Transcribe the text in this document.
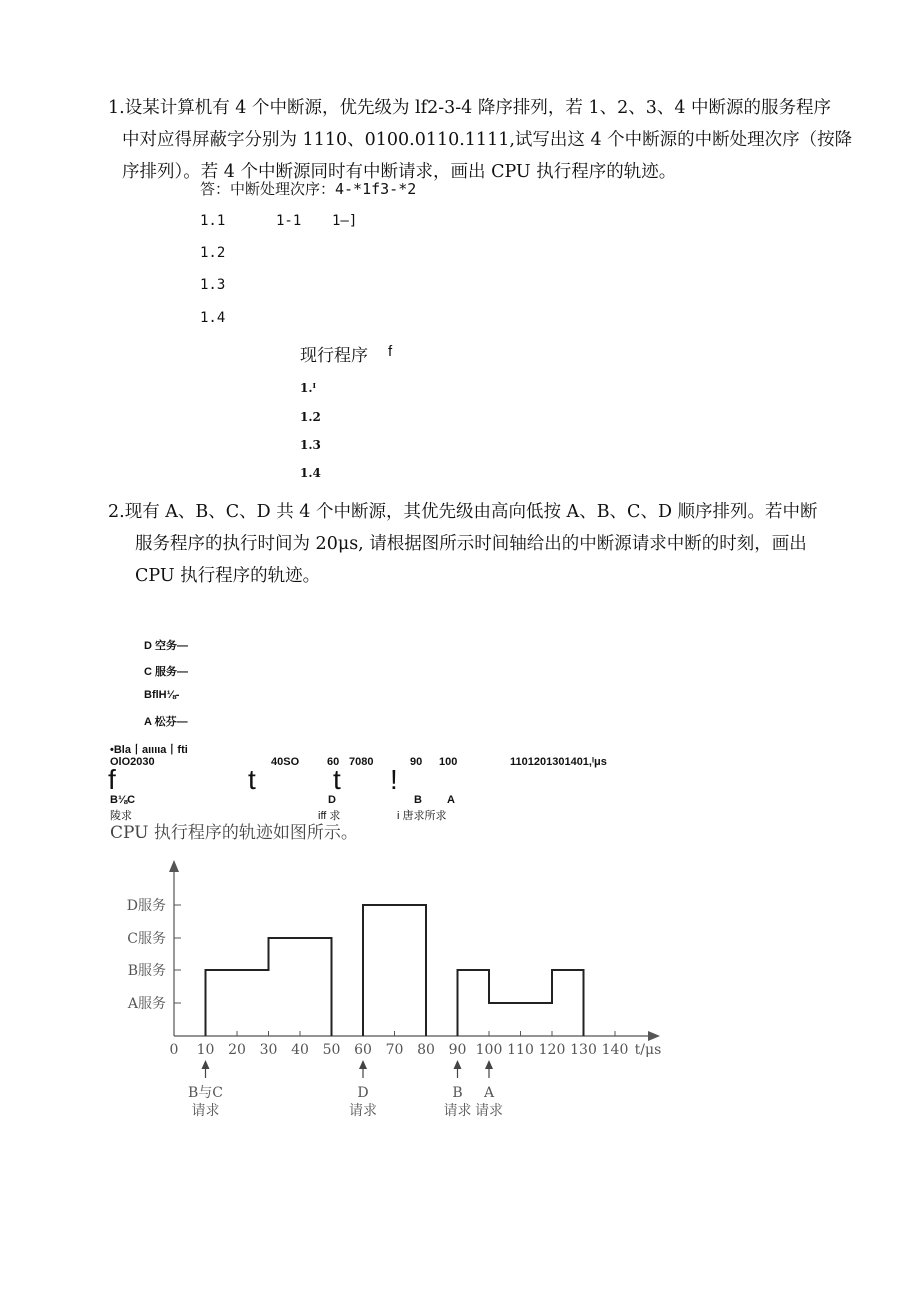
1.设某计算机有 4 个中断源，优先级为 lf2-3-4 降序排列，若 1、2、3、4 中断源的服务程序
中对应得屏蔽字分别为 1110、0100.0110.1111,试写出这 4 个中断源的中断处理次序（按降
序排列）。若 4 个中断源同时有中断请求，画出 CPU 执行程序的轨迹。
答：中断处理次序：4-*1f3-*2
1.1	1-1 1—]
1.2
1.3
1.4
现行程序 f
1.ᴵ
1.2
1.3
1.4
2.现有 A、B、C、D 共 4 个中断源，其优先级由高向低按 A、B、C、D 顺序排列。若中断
服务程序的执行时间为 20μs, 请根据图所示时间轴给出的中断源请求中断的时刻，画出
CPU 执行程序的轨迹。
D 空务—
C 服务—
BflH⅛-
A 松芬—
•Bla丨aιιιιa丨fti
OlO2030	40SO	60 7080	90 100	1101201301401,ᴵμs
f	t	t !
B⅛C
陵求
D
iff 求
B A
i 唐求所求
CPU 执行程序的轨迹如图所示。
A服务
B服务
C服务
D服务
0 10 20 30 40 50 60 70 80 90 100 110 120 130 140 t/μs
B与C
请求
D
请求
B
请求
A
请求
